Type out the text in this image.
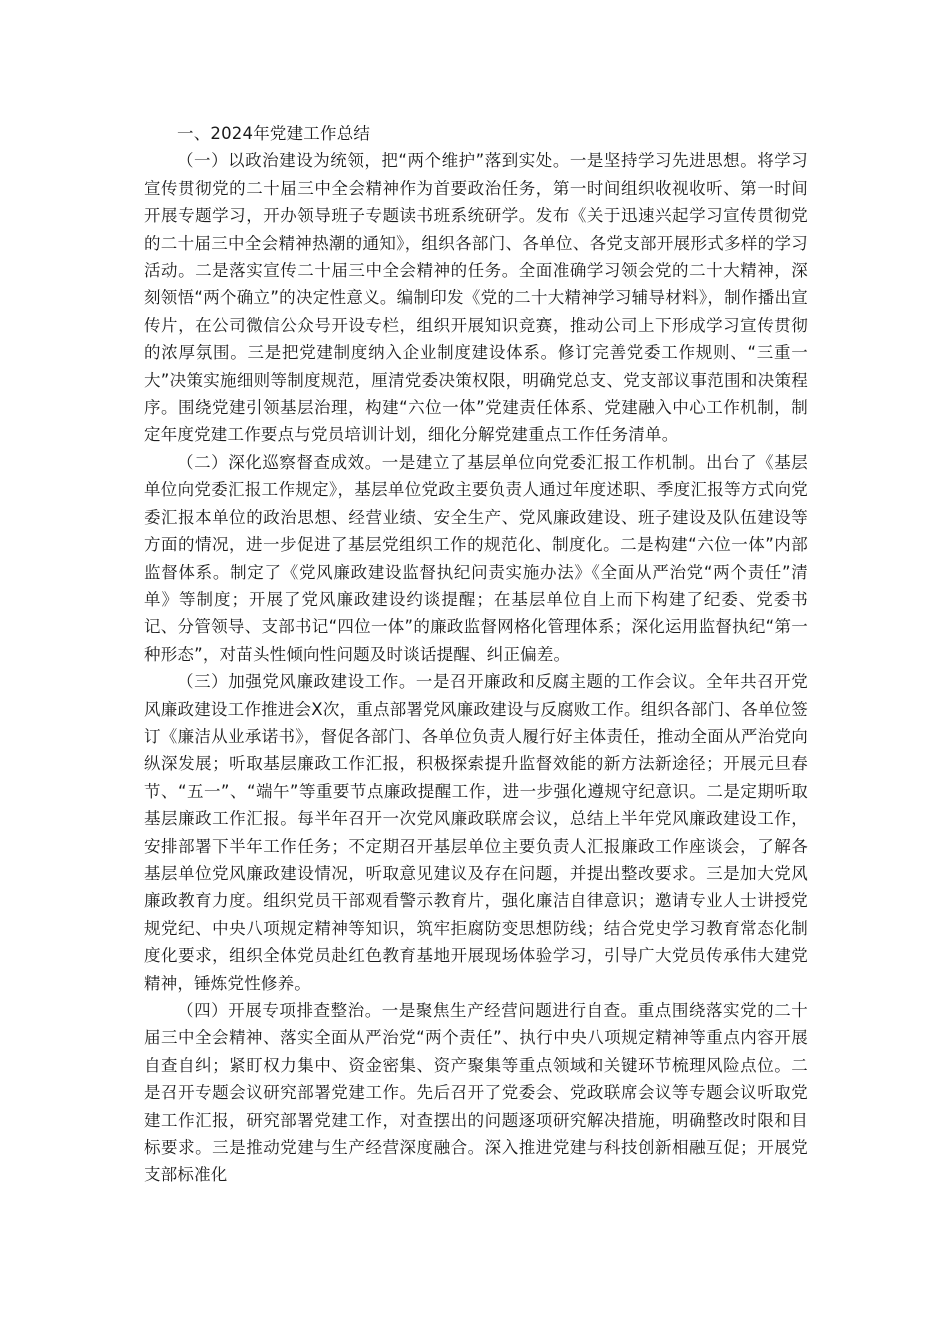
一、2024年党建工作总结

（一）以政治建设为统领，把“两个维护”落到实处。一是坚持学习先进思想。将学习宣传贯彻党的二十届三中全会精神作为首要政治任务，第一时间组织收视收听、第一时间开展专题学习，开办领导班子专题读书班系统研学。发布《关于迅速兴起学习宣传贯彻党的二十届三中全会精神热潮的通知》，组织各部门、各单位、各党支部开展形式多样的学习活动。二是落实宣传二十届三中全会精神的任务。全面准确学习领会党的二十大精神，深刻领悟“两个确立”的决定性意义。编制印发《党的二十大精神学习辅导材料》，制作播出宣传片，在公司微信公众号开设专栏，组织开展知识竞赛，推动公司上下形成学习宣传贯彻的浓厚氛围。三是把党建制度纳入企业制度建设体系。修订完善党委工作规则、“三重一大”决策实施细则等制度规范，厘清党委决策权限，明确党总支、党支部议事范围和决策程序。围绕党建引领基层治理，构建“六位一体”党建责任体系、党建融入中心工作机制，制定年度党建工作要点与党员培训计划，细化分解党建重点工作任务清单。

（二）深化巡察督查成效。一是建立了基层单位向党委汇报工作机制。出台了《基层单位向党委汇报工作规定》，基层单位党政主要负责人通过年度述职、季度汇报等方式向党委汇报本单位的政治思想、经营业绩、安全生产、党风廉政建设、班子建设及队伍建设等方面的情况，进一步促进了基层党组织工作的规范化、制度化。二是构建“六位一体”内部监督体系。制定了《党风廉政建设监督执纪问责实施办法》《全面从严治党“两个责任”清单》等制度；开展了党风廉政建设约谈提醒；在基层单位自上而下构建了纪委、党委书记、分管领导、支部书记“四位一体”的廉政监督网格化管理体系；深化运用监督执纪“第一种形态”，对苗头性倾向性问题及时谈话提醒、纠正偏差。

（三）加强党风廉政建设工作。一是召开廉政和反腐主题的工作会议。全年共召开党风廉政建设工作推进会X次，重点部署党风廉政建设与反腐败工作。组织各部门、各单位签订《廉洁从业承诺书》，督促各部门、各单位负责人履行好主体责任，推动全面从严治党向纵深发展；听取基层廉政工作汇报，积极探索提升监督效能的新方法新途径；开展元旦春节、“五一”、“端午”等重要节点廉政提醒工作，进一步强化遵规守纪意识。二是定期听取基层廉政工作汇报。每半年召开一次党风廉政联席会议，总结上半年党风廉政建设工作，安排部署下半年工作任务；不定期召开基层单位主要负责人汇报廉政工作座谈会，了解各基层单位党风廉政建设情况，听取意见建议及存在问题，并提出整改要求。三是加大党风廉政教育力度。组织党员干部观看警示教育片，强化廉洁自律意识；邀请专业人士讲授党规党纪、中央八项规定精神等知识，筑牢拒腐防变思想防线；结合党史学习教育常态化制度化要求，组织全体党员赴红色教育基地开展现场体验学习，引导广大党员传承伟大建党精神，锤炼党性修养。

（四）开展专项排查整治。一是聚焦生产经营问题进行自查。重点围绕落实党的二十届三中全会精神、落实全面从严治党“两个责任”、执行中央八项规定精神等重点内容开展自查自纠；紧盯权力集中、资金密集、资产聚集等重点领域和关键环节梳理风险点位。二是召开专题会议研究部署党建工作。先后召开了党委会、党政联席会议等专题会议听取党建工作汇报，研究部署党建工作，对查摆出的问题逐项研究解决措施，明确整改时限和目标要求。三是推动党建与生产经营深度融合。深入推进党建与科技创新相融互促；开展党支部标准化
